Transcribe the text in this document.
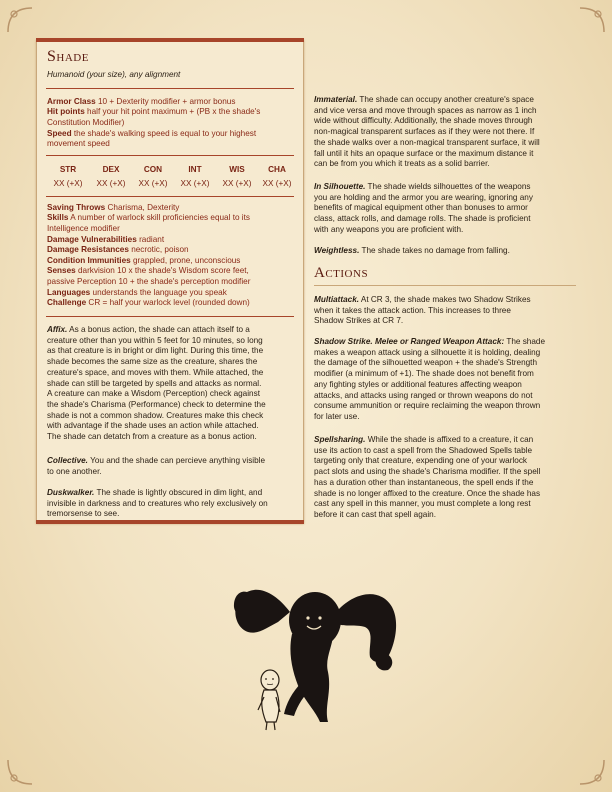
Shade
Humanoid (your size), any alignment
Armor Class 10 + Dexterity modifier + armor bonus
Hit points half your hit point maximum + (PB x the shade's
Constitution Modifier)
Speed the shade's walking speed is equal to your highest
movement speed
STR	DEX	CON	INT	WIS	CHA
XX (+X)	XX (+X)	XX (+X)	XX (+X)	XX (+X)	XX (+X)
Saving Throws Charisma, Dexterity
Skills A number of warlock skill proficiencies equal to its
Intelligence modifier
Damage Vulnerabilities radiant
Damage Resistances necrotic, poison
Condition Immunities grappled, prone, unconscious
Senses darkvision 10 x the shade's Wisdom score feet,
passive Perception 10 + the shade's perception modifier
Languages understands the language you speak
Challenge CR = half your warlock level (rounded down)
Affix. As a bonus action, the shade can attach itself to a
creature other than you within 5 feet for 10 minutes, so long
as that creature is in bright or dim light. During this time, the
shade becomes the same size as the creature, shares the
creature's space, and moves with them. While attached, the
shade can still be targeted by spells and attacks as normal.
A creature can make a Wisdom (Perception) check against
the shade's Charisma (Performance) check to determine the
shade is not a common shadow. Creatures make this check
with advantage if the shade uses an action while attached.
The shade can detatch from a creature as a bonus action.
Collective. You and the shade can percieve anything visible
to one another.
Duskwalker. The shade is lightly obscured in dim light, and
invisible in darkness and to creatures who rely exclusively on
tremorsense to see.
Immaterial. The shade can occupy another creature's space
and vice versa and move through spaces as narrow as 1 inch
wide without difficulty. Additionally, the shade moves through
non-magical transparent surfaces as if they were not there. If
the shade walks over a non-magical transparent surface, it will
fall until it hits an opaque surface or the maximum distance it
can be from you which it treats as a solid barrier.
In Silhouette. The shade wields silhouettes of the weapons
you are holding and the armor you are wearing, ignoring any
benefits of magical equipment other than bonuses to armor
class, attack rolls, and damage rolls. The shade is proficient
with any weapons you are proficient with.
Weightless. The shade takes no damage from falling.
Actions
Multiattack. At CR 3, the shade makes two Shadow Strikes
when it takes the attack action. This increases to three
Shadow Strikes at CR 7.
Shadow Strike. Melee or Ranged Weapon Attack: The shade
makes a weapon attack using a silhouette it is holding, dealing
the damage of the silhouetted weapon + the shade's Strength
modifier (a minimum of +1). The shade does not benefit from
any fighting styles or additional features affecting weapon
attacks, and attacks using ranged or thrown weapons do not
consume ammunition or require reclaiming the weapon thrown
for later use.
Spellsharing. While the shade is affixed to a creature, it can
use its action to cast a spell from the Shadowed Spells table
targeting only that creature, expending one of your warlock
pact slots and using the shade's Charisma modifier. If the spell
has a duration other than instantaneous, the spell ends if the
shade is no longer affixed to the creature. Once the shade has
cast any spell in this manner, you must complete a long rest
before it can cast that spell again.
